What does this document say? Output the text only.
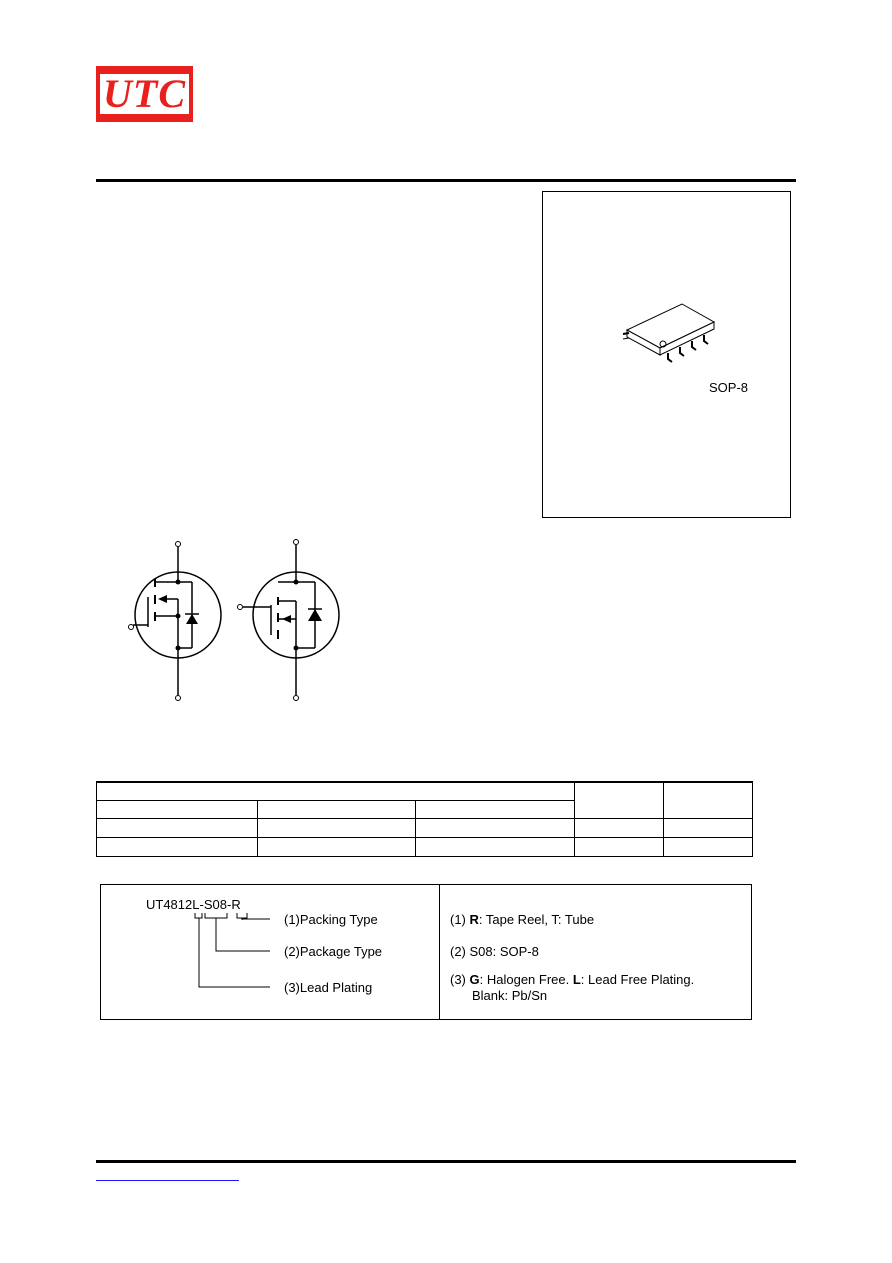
UTC
SOP-8

UT4812L-S08-R
(1)Packing Type
(2)Package Type
(3)Lead Plating
(1) R: Tape Reel, T: Tube
(2) S08: SOP-8
(3) G: Halogen Free. L: Lead Free Plating.
Blank: Pb/Sn
